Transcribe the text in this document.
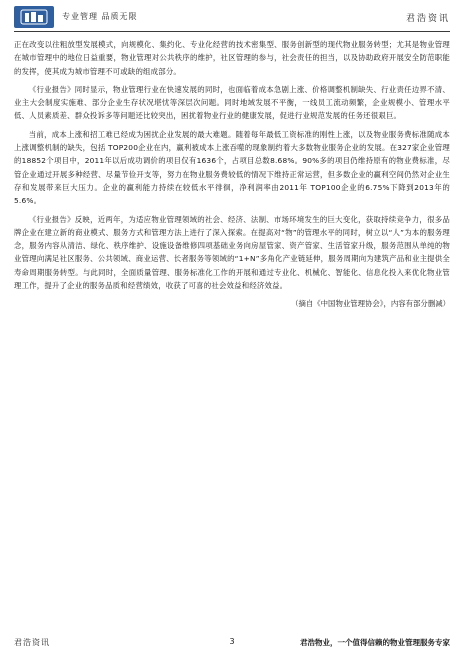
专业管理 品质无限	君浩资讯

正在改变以往粗放型发展模式，向规模化、集约化、专业化经营的技术密集型、服务创新型的现代物业服务转型；尤其是物业管理在城市管理中的地位日益重要，物业管理对公共秩序的维护，社区管理的参与，社会责任的担当，以及协助政府开展安全防范职能的发挥，使其成为城市管理不可或缺的组成部分。

《行业报告》同时显示，物业管理行业在快速发展的同时，也面临着成本急剧上涨、价格调整机制缺失、行业责任边界不清、业主大会制度实施难、部分企业生存状况堪忧等深层次问题。同时地域发展不平衡，一线员工流动频繁，企业规模小、管理水平低、人员素质差、群众投诉多等问题还比较突出，困扰着物业行业的健康发展，促进行业规范发展的任务还很艰巨。

当前，成本上涨和招工难已经成为困扰企业发展的最大难题。随着每年最低工资标准的刚性上涨，以及物业服务费标准随成本上涨调整机制的缺失，包括 TOP200企业在内，赢利被成本上涨吞噬的现象制约着大多数物业服务企业的发展。在327家企业管理的18852个项目中，2011年以后成功调价的项目仅有1636个，占项目总数8.68%。90%多的项目仍维持原有的物业费标准，尽管企业通过开展多种经营、尽量节俭开支等，努力在物业服务费较低的情况下维持正常运营，但多数企业的赢利空间仍然对企业生存和发展带来巨大压力。企业的赢利能力持续在较低水平徘徊，净利润率由2011年 TOP100企业的6.75%下降到2013年的5.6%。

《行业报告》反映，近两年，为适应物业管理领域的社会、经济、法制、市场环境发生的巨大变化，获取持续竞争力，很多品牌企业在建立新的商业模式、服务方式和管理方法上进行了深入探索。在提高对“物”的管理水平的同时，树立以“人”为本的服务理念，服务内容从清洁、绿化、秩序维护、设施设备维修四项基础业务向房屋管家、资产管家、生活管家升级，服务范围从单纯的物业管理向满足社区服务、公共领域、商业运营、长者服务等领域的“1+N”多角化产业链延伸，服务周期向为建筑产品和业主提供全寿命周期服务转型。与此同时，全面质量管理、服务标准化工作的开展和通过专业化、机械化、智能化、信息化投入来优化物业管理工作，提升了企业的服务品质和经营绩效，收获了可喜的社会效益和经济效益。

（摘自《中国物业管理协会》，内容有部分删减）
君浩资讯	3	君浩物业，一个值得信赖的物业管理服务专家
